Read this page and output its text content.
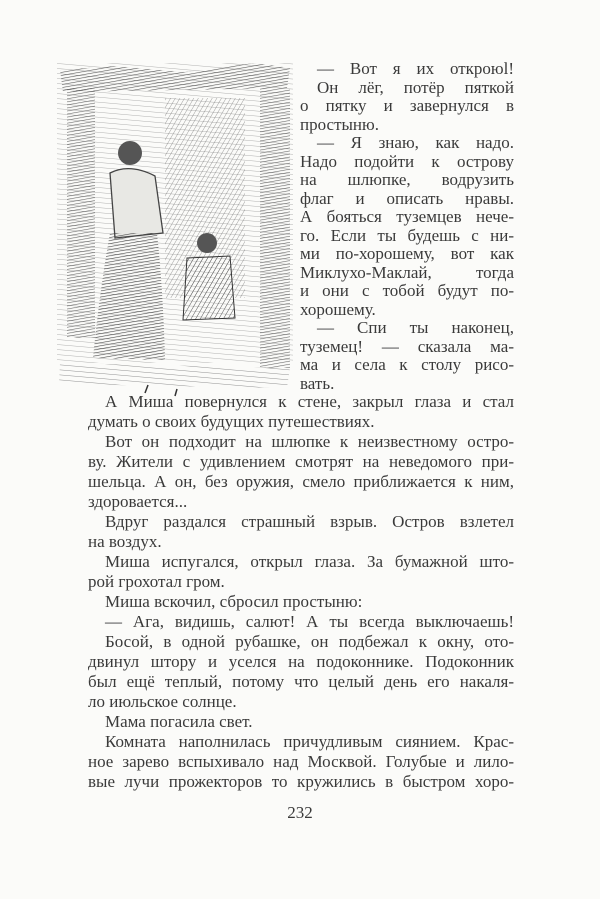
— Вот я их откроюl!
Он лёг, потёр пяткой
о пятку и завернулся в
простыню.
— Я знаю, как надо.
Надо подойти к острову
на шлюпке, водрузить
флаг и описать нравы.
А бояться туземцев нече-
го. Если ты будешь с ни-
ми по-хорошему, вот как
Миклухо-Маклай, тогда
и они с тобой будут по-
хорошему.
— Спи ты наконец,
туземец! — сказала ма-
ма и села к столу рисо-
вать.
А Миша повернулся к стене, закрыл глаза и стал
думать о своих будущих путешествиях.
Вот он подходит на шлюпке к неизвестному остро-
ву. Жители с удивлением смотрят на неведомого при-
шельца. А он, без оружия, смело приближается к ним,
здоровается...
Вдруг раздался страшный взрыв. Остров взлетел
на воздух.
Миша испугался, открыл глаза. За бумажной што-
рой грохотал гром.
Миша вскочил, сбросил простыню:
— Ага, видишь, салют! А ты всегда выключаешь!
Босой, в одной рубашке, он подбежал к окну, ото-
двинул штору и уселся на подоконнике. Подоконник
был ещё теплый, потому что целый день его накаля-
ло июльское солнце.
Мама погасила свет.
Комната наполнилась причудливым сиянием. Крас-
ное зарево вспыхивало над Москвой. Голубые и лило-
вые лучи прожекторов то кружились в быстром хоро-
232
